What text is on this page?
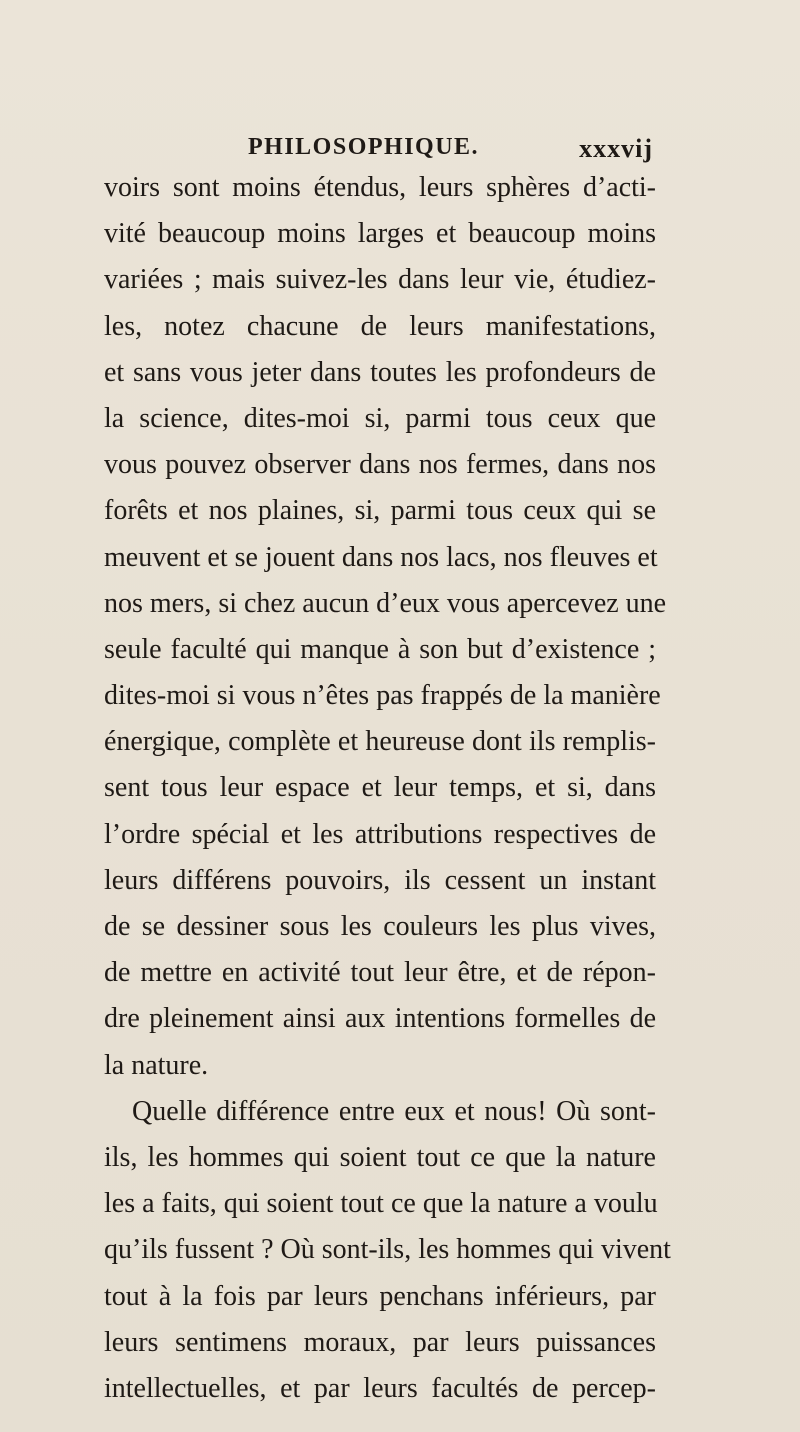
PHILOSOPHIQUE.	xxxvij
voirs sont moins étendus, leurs sphères d’acti-
vité beaucoup moins larges et beaucoup moins
variées ; mais suivez-les dans leur vie, étudiez-
les, notez chacune de leurs manifestations,
et sans vous jeter dans toutes les profondeurs de
la science, dites-moi si, parmi tous ceux que
vous pouvez observer dans nos fermes, dans nos
forêts et nos plaines, si, parmi tous ceux qui se
meuvent et se jouent dans nos lacs, nos fleuves et
nos mers, si chez aucun d’eux vous apercevez une
seule faculté qui manque à son but d’existence ;
dites-moi si vous n’êtes pas frappés de la manière
énergique, complète et heureuse dont ils remplis-
sent tous leur espace et leur temps, et si, dans
l’ordre spécial et les attributions respectives de
leurs différens pouvoirs, ils cessent un instant
de se dessiner sous les couleurs les plus vives,
de mettre en activité tout leur être, et de répon-
dre pleinement ainsi aux intentions formelles de
la nature.
Quelle différence entre eux et nous! Où sont-
ils, les hommes qui soient tout ce que la nature
les a faits, qui soient tout ce que la nature a voulu
qu’ils fussent ? Où sont-ils, les hommes qui vivent
tout à la fois par leurs penchans inférieurs, par
leurs sentimens moraux, par leurs puissances
intellectuelles, et par leurs facultés de percep-
